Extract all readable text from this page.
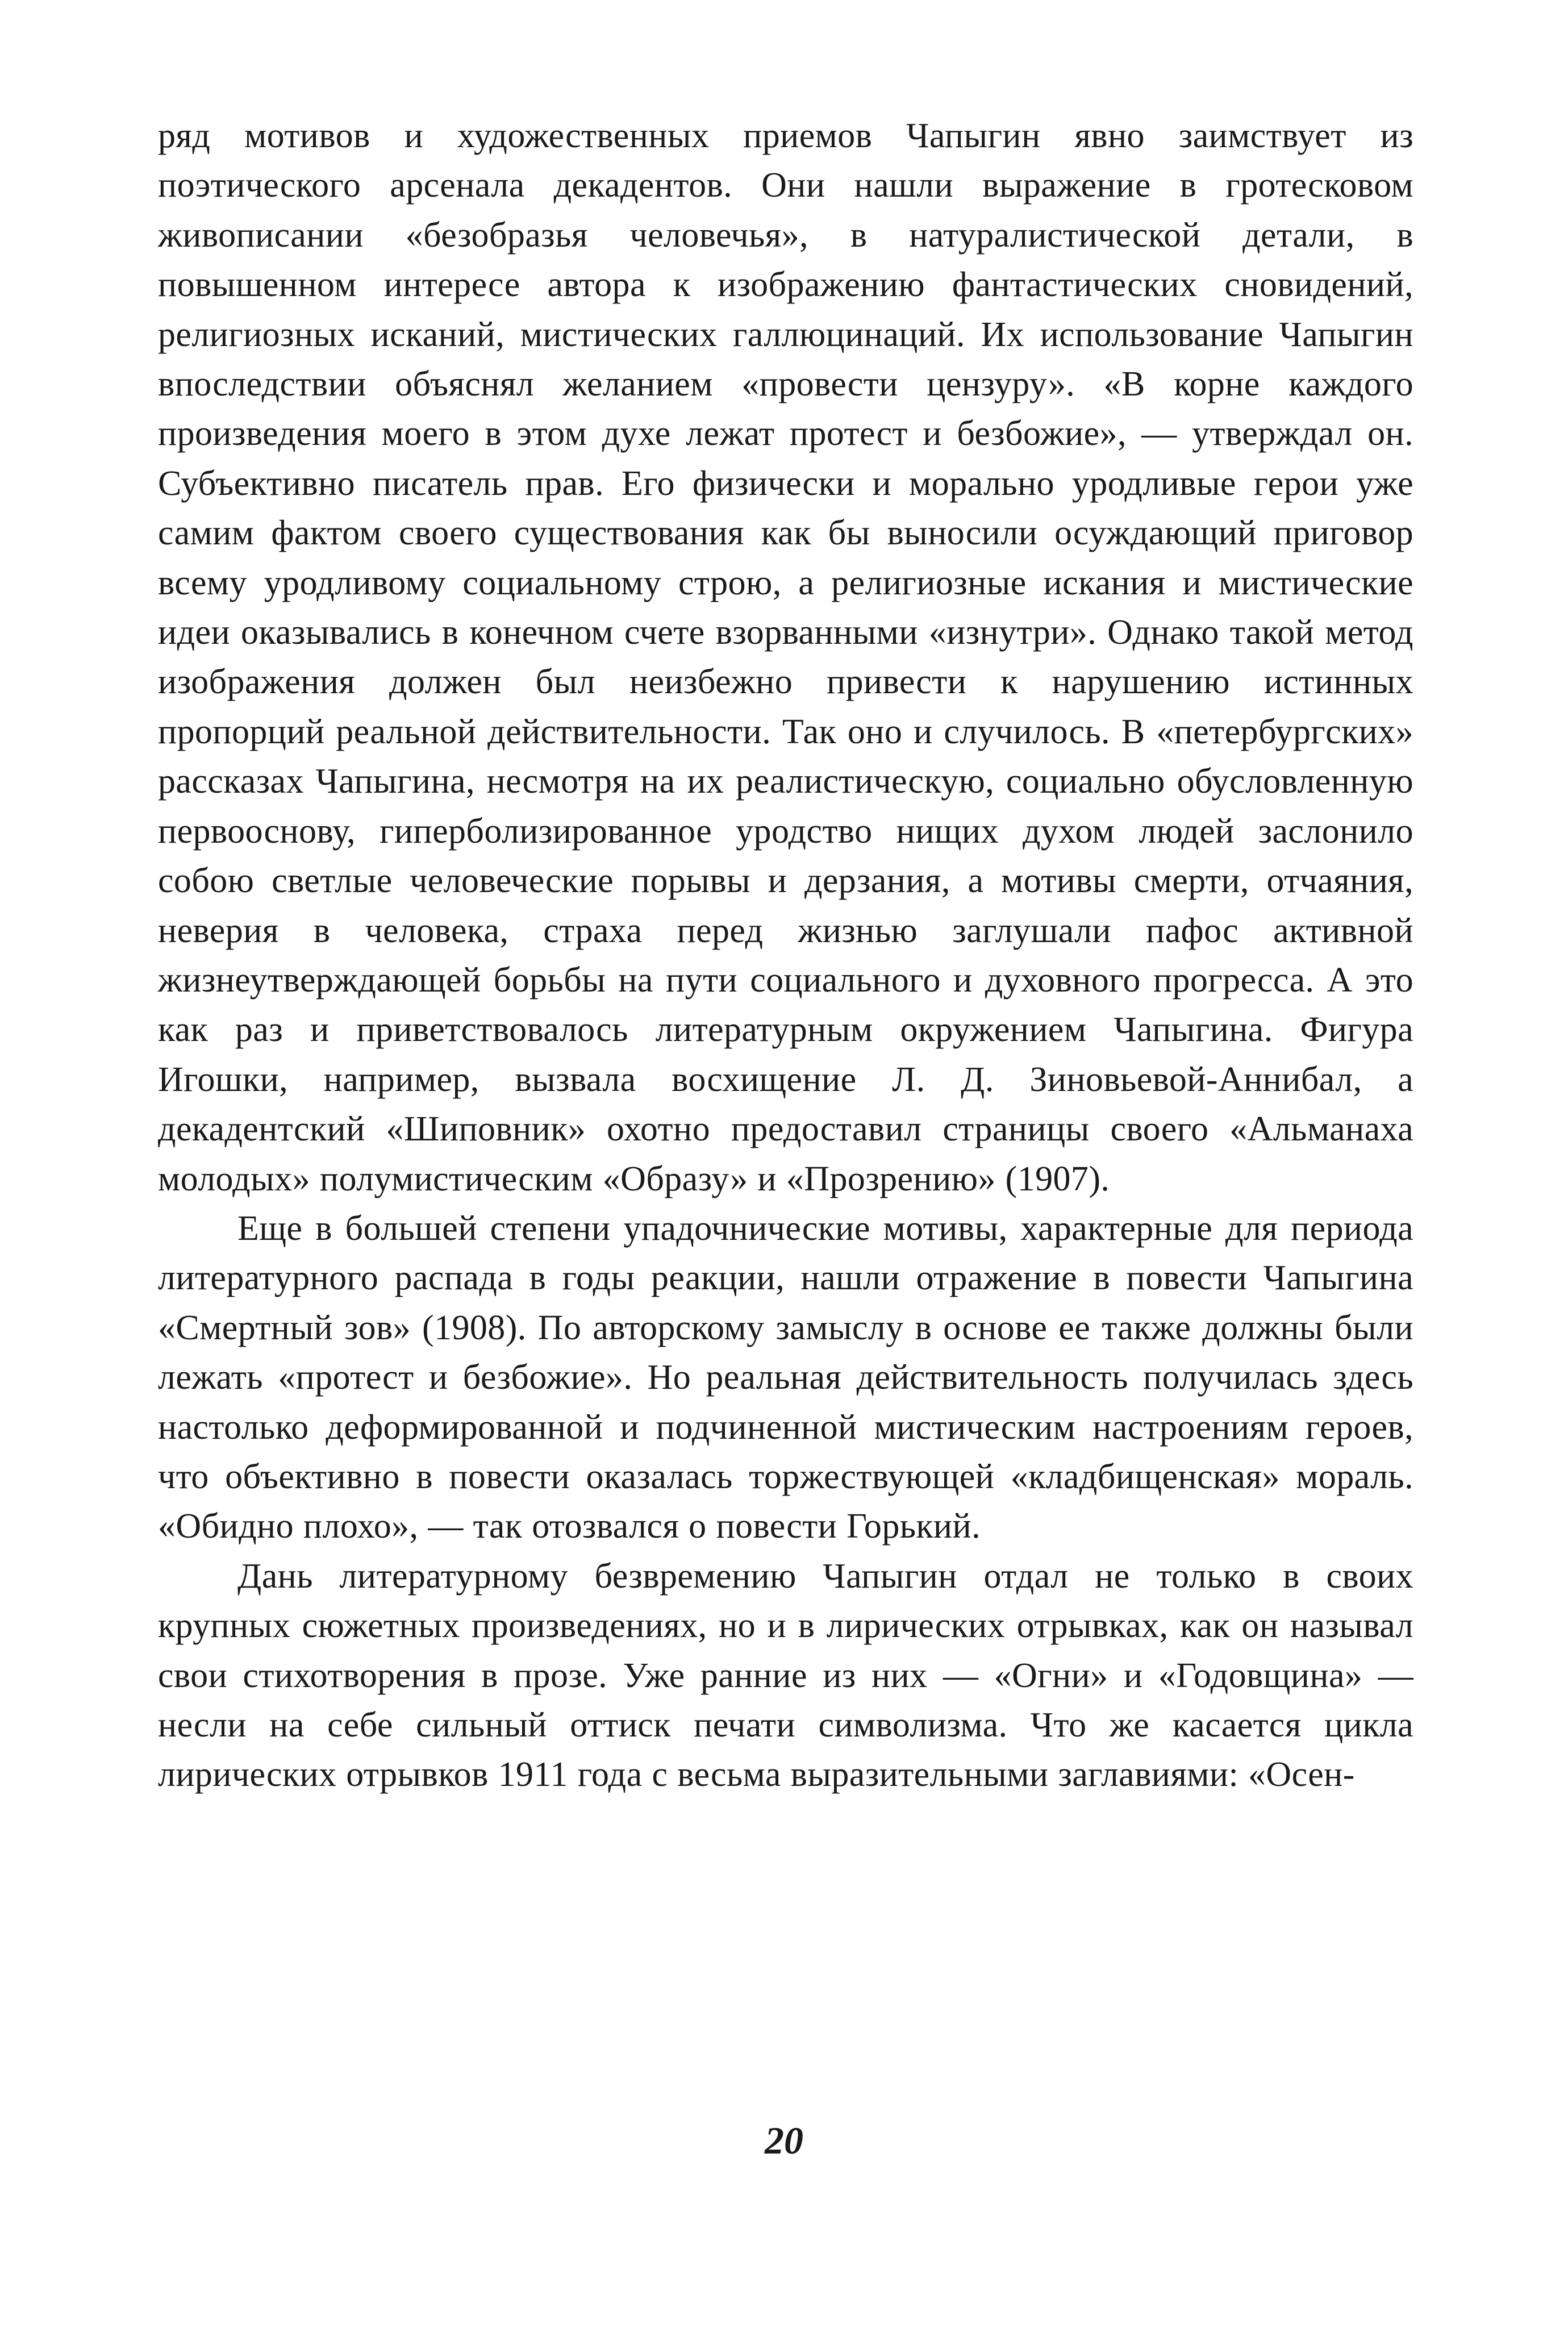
ряд мотивов и художественных приемов Чапыгин явно заимствует из поэтического арсенала декадентов. Они нашли выражение в гротесковом живописании «безобразья человечья», в натуралистической детали, в повышенном интересе автора к изображению фантастических сновидений, религиозных исканий, мистических галлюцинаций. Их использование Чапыгин впоследствии объяснял желанием «провести цензуру». «В корне каждого произведения моего в этом духе лежат протест и безбожие», — утверждал он. Субъективно писатель прав. Его физически и морально уродливые герои уже самим фактом своего существования как бы выносили осуждающий приговор всему уродливому социальному строю, а религиозные искания и мистические идеи оказывались в конечном счете взорванными «изнутри». Однако такой метод изображения должен был неизбежно привести к нарушению истинных пропорций реальной действительности. Так оно и случилось. В «петербургских» рассказах Чапыгина, несмотря на их реалистическую, социально обусловленную первооснову, гиперболизированное уродство нищих духом людей заслонило собою светлые человеческие порывы и дерзания, а мотивы смерти, отчаяния, неверия в человека, страха перед жизнью заглушали пафос активной жизнеутверждающей борьбы на пути социального и духовного прогресса. А это как раз и приветствовалось литературным окружением Чапыгина. Фигура Игошки, например, вызвала восхищение Л. Д. Зиновьевой-Аннибал, а декадентский «Шиповник» охотно предоставил страницы своего «Альманаха молодых» полумистическим «Образу» и «Прозрению» (1907).

Еще в большей степени упадочнические мотивы, характерные для периода литературного распада в годы реакции, нашли отражение в повести Чапыгина «Смертный зов» (1908). По авторскому замыслу в основе ее также должны были лежать «протест и безбожие». Но реальная действительность получилась здесь настолько деформированной и подчиненной мистическим настроениям героев, что объективно в повести оказалась торжествующей «кладбищенская» мораль. «Обидно плохо», — так отозвался о повести Горький.

Дань литературному безвремению Чапыгин отдал не только в своих крупных сюжетных произведениях, но и в лирических отрывках, как он называл свои стихотворения в прозе. Уже ранние из них — «Огни» и «Годовщина» — несли на себе сильный оттиск печати символизма. Что же касается цикла лирических отрывков 1911 года с весьма выразительными заглавиями: «Осен-

20
